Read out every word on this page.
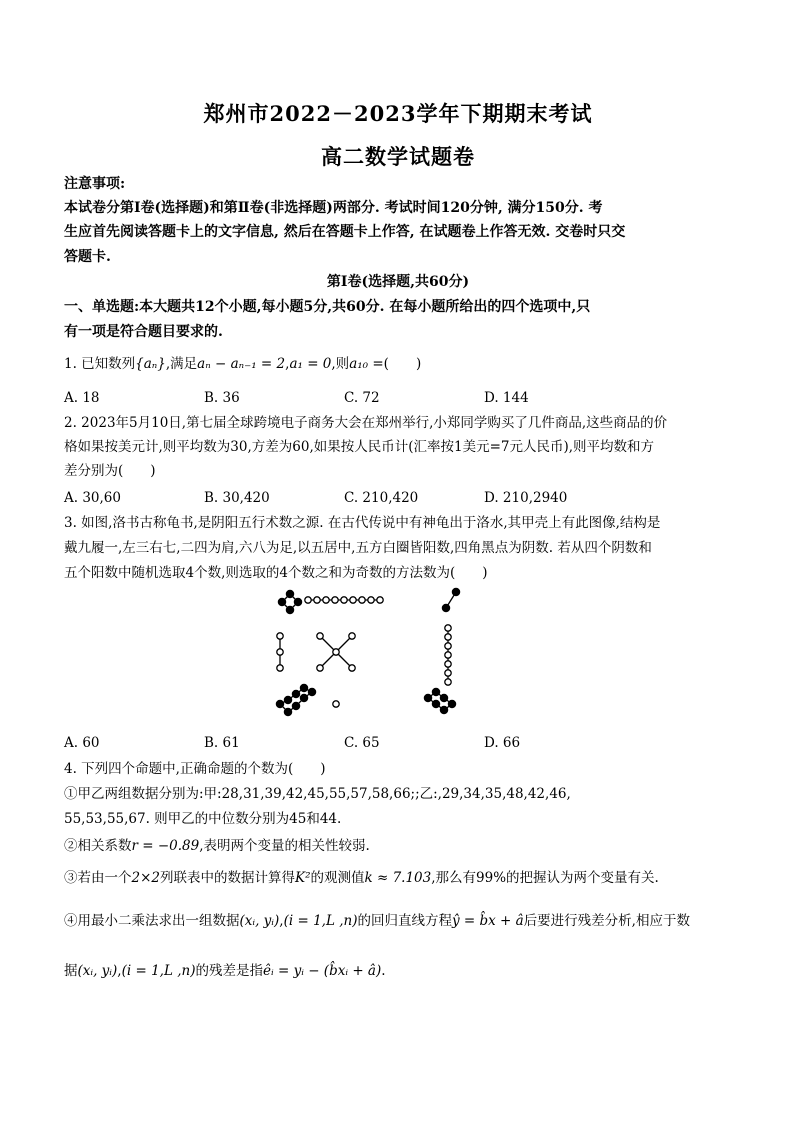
郑州市2022－2023学年下期期末考试
高二数学试题卷
注意事项:
本试卷分第Ⅰ卷(选择题)和第Ⅱ卷(非选择题)两部分. 考试时间120分钟, 满分150分. 考
生应首先阅读答题卡上的文字信息, 然后在答题卡上作答, 在试题卷上作答无效. 交卷时只交
答题卡.
第Ⅰ卷(选择题,共60分)
一、单选题:本大题共12个小题,每小题5分,共60分. 在每小题所给出的四个选项中,只
有一项是符合题目要求的.
1. 已知数列{aₙ},满足aₙ − aₙ₋₁ = 2,a₁ = 0,则a₁₀ =(　　)
A. 18	B. 36	C. 72	D. 144
2. 2023年5月10日,第七届全球跨境电子商务大会在郑州举行,小郑同学购买了几件商品,这些商品的价
格如果按美元计,则平均数为30,方差为60,如果按人民币计(汇率按1美元=7元人民币),则平均数和方
差分别为(　　)
A. 30,60	B. 30,420	C. 210,420	D. 210,2940
3. 如图,洛书古称龟书,是阴阳五行术数之源. 在古代传说中有神龟出于洛水,其甲壳上有此图像,结构是
戴九履一,左三右七,二四为肩,六八为足,以五居中,五方白圈皆阳数,四角黑点为阴数. 若从四个阴数和
五个阳数中随机选取4个数,则选取的4个数之和为奇数的方法数为(　　)
A. 60	B. 61	C. 65	D. 66
4. 下列四个命题中,正确命题的个数为(　　)
①甲乙两组数据分别为:甲:28,31,39,42,45,55,57,58,66;;乙:,29,34,35,48,42,46,
55,53,55,67. 则甲乙的中位数分别为45和44.
②相关系数r = −0.89,表明两个变量的相关性较弱.
③若由一个2×2列联表中的数据计算得K²的观测值k ≈ 7.103,那么有99%的把握认为两个变量有关.
④用最小二乘法求出一组数据(xᵢ, yᵢ),(i = 1,L ,n)的回归直线方程ŷ = b̂x + â后要进行残差分析,相应于数
据(xᵢ, yᵢ),(i = 1,L ,n)的残差是指êᵢ = yᵢ − (b̂xᵢ + â).
